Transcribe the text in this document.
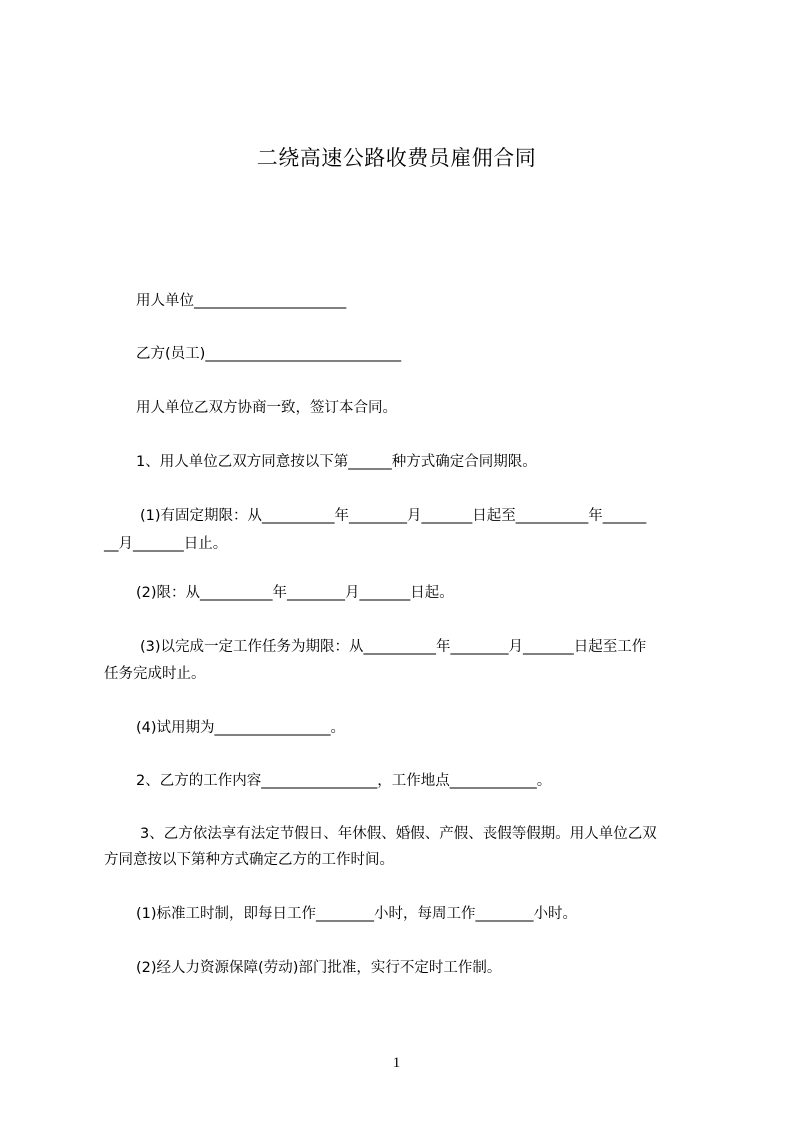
二绕高速公路收费员雇佣合同
用人单位_____________________
乙方(员工)___________________________
用人单位乙双方协商一致，签订本合同。
1、用人单位乙双方同意按以下第______种方式确定合同期限。
(1)有固定期限：从__________年________月_______日起至__________年______
__月_______日止。
(2)限：从__________年________月_______日起。
(3)以完成一定工作任务为期限：从__________年________月_______日起至工作
任务完成时止。
(4)试用期为________________。
2、乙方的工作内容________________，工作地点____________。
3、乙方依法享有法定节假日、年休假、婚假、产假、丧假等假期。用人单位乙双
方同意按以下第种方式确定乙方的工作时间。
(1)标准工时制，即每日工作________小时，每周工作________小时。
(2)经人力资源保障(劳动)部门批准，实行不定时工作制。
1
